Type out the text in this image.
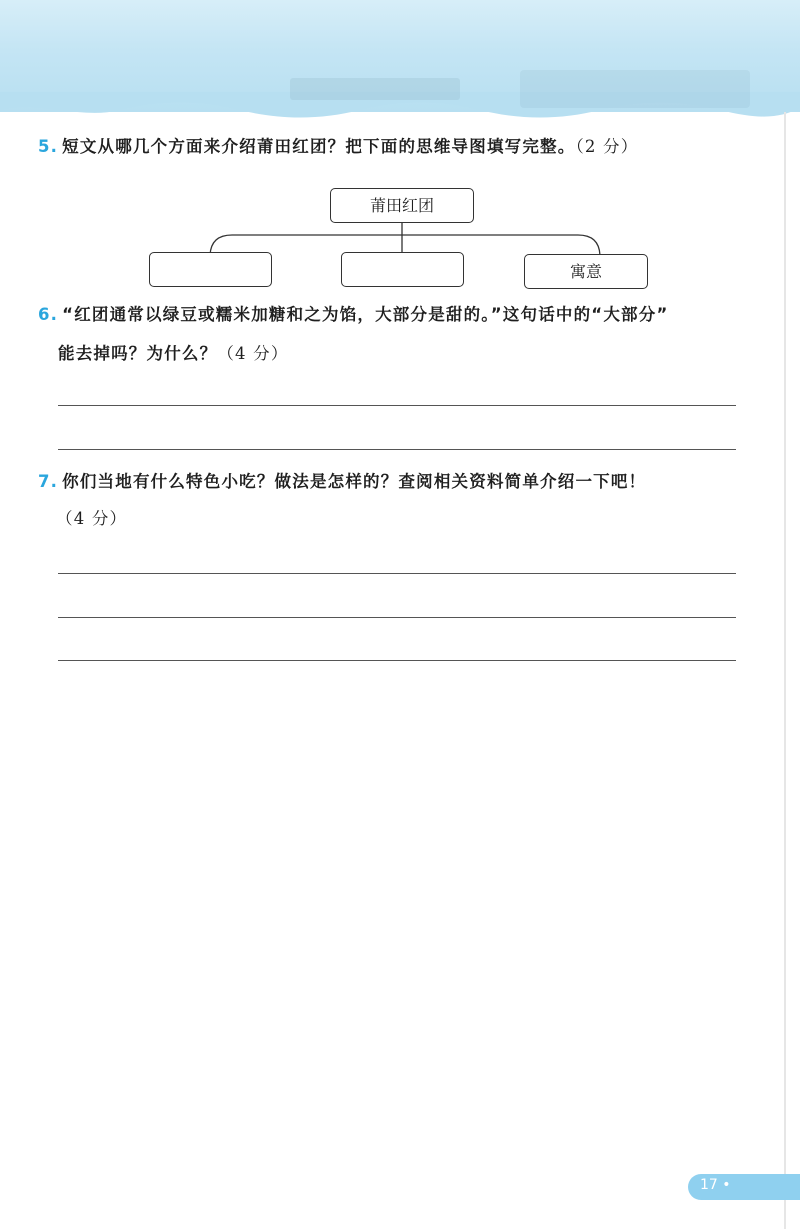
5. 短文从哪几个方面来介绍莆田红团？把下面的思维导图填写完整。（2 分）
莆田红团
寓意
6. “红团通常以绿豆或糯米加糖和之为馅，大部分是甜的。”这句话中的“大部分”
能去掉吗？为什么？（4 分）
7. 你们当地有什么特色小吃？做法是怎样的？查阅相关资料简单介绍一下吧！
（4 分）
17 •
